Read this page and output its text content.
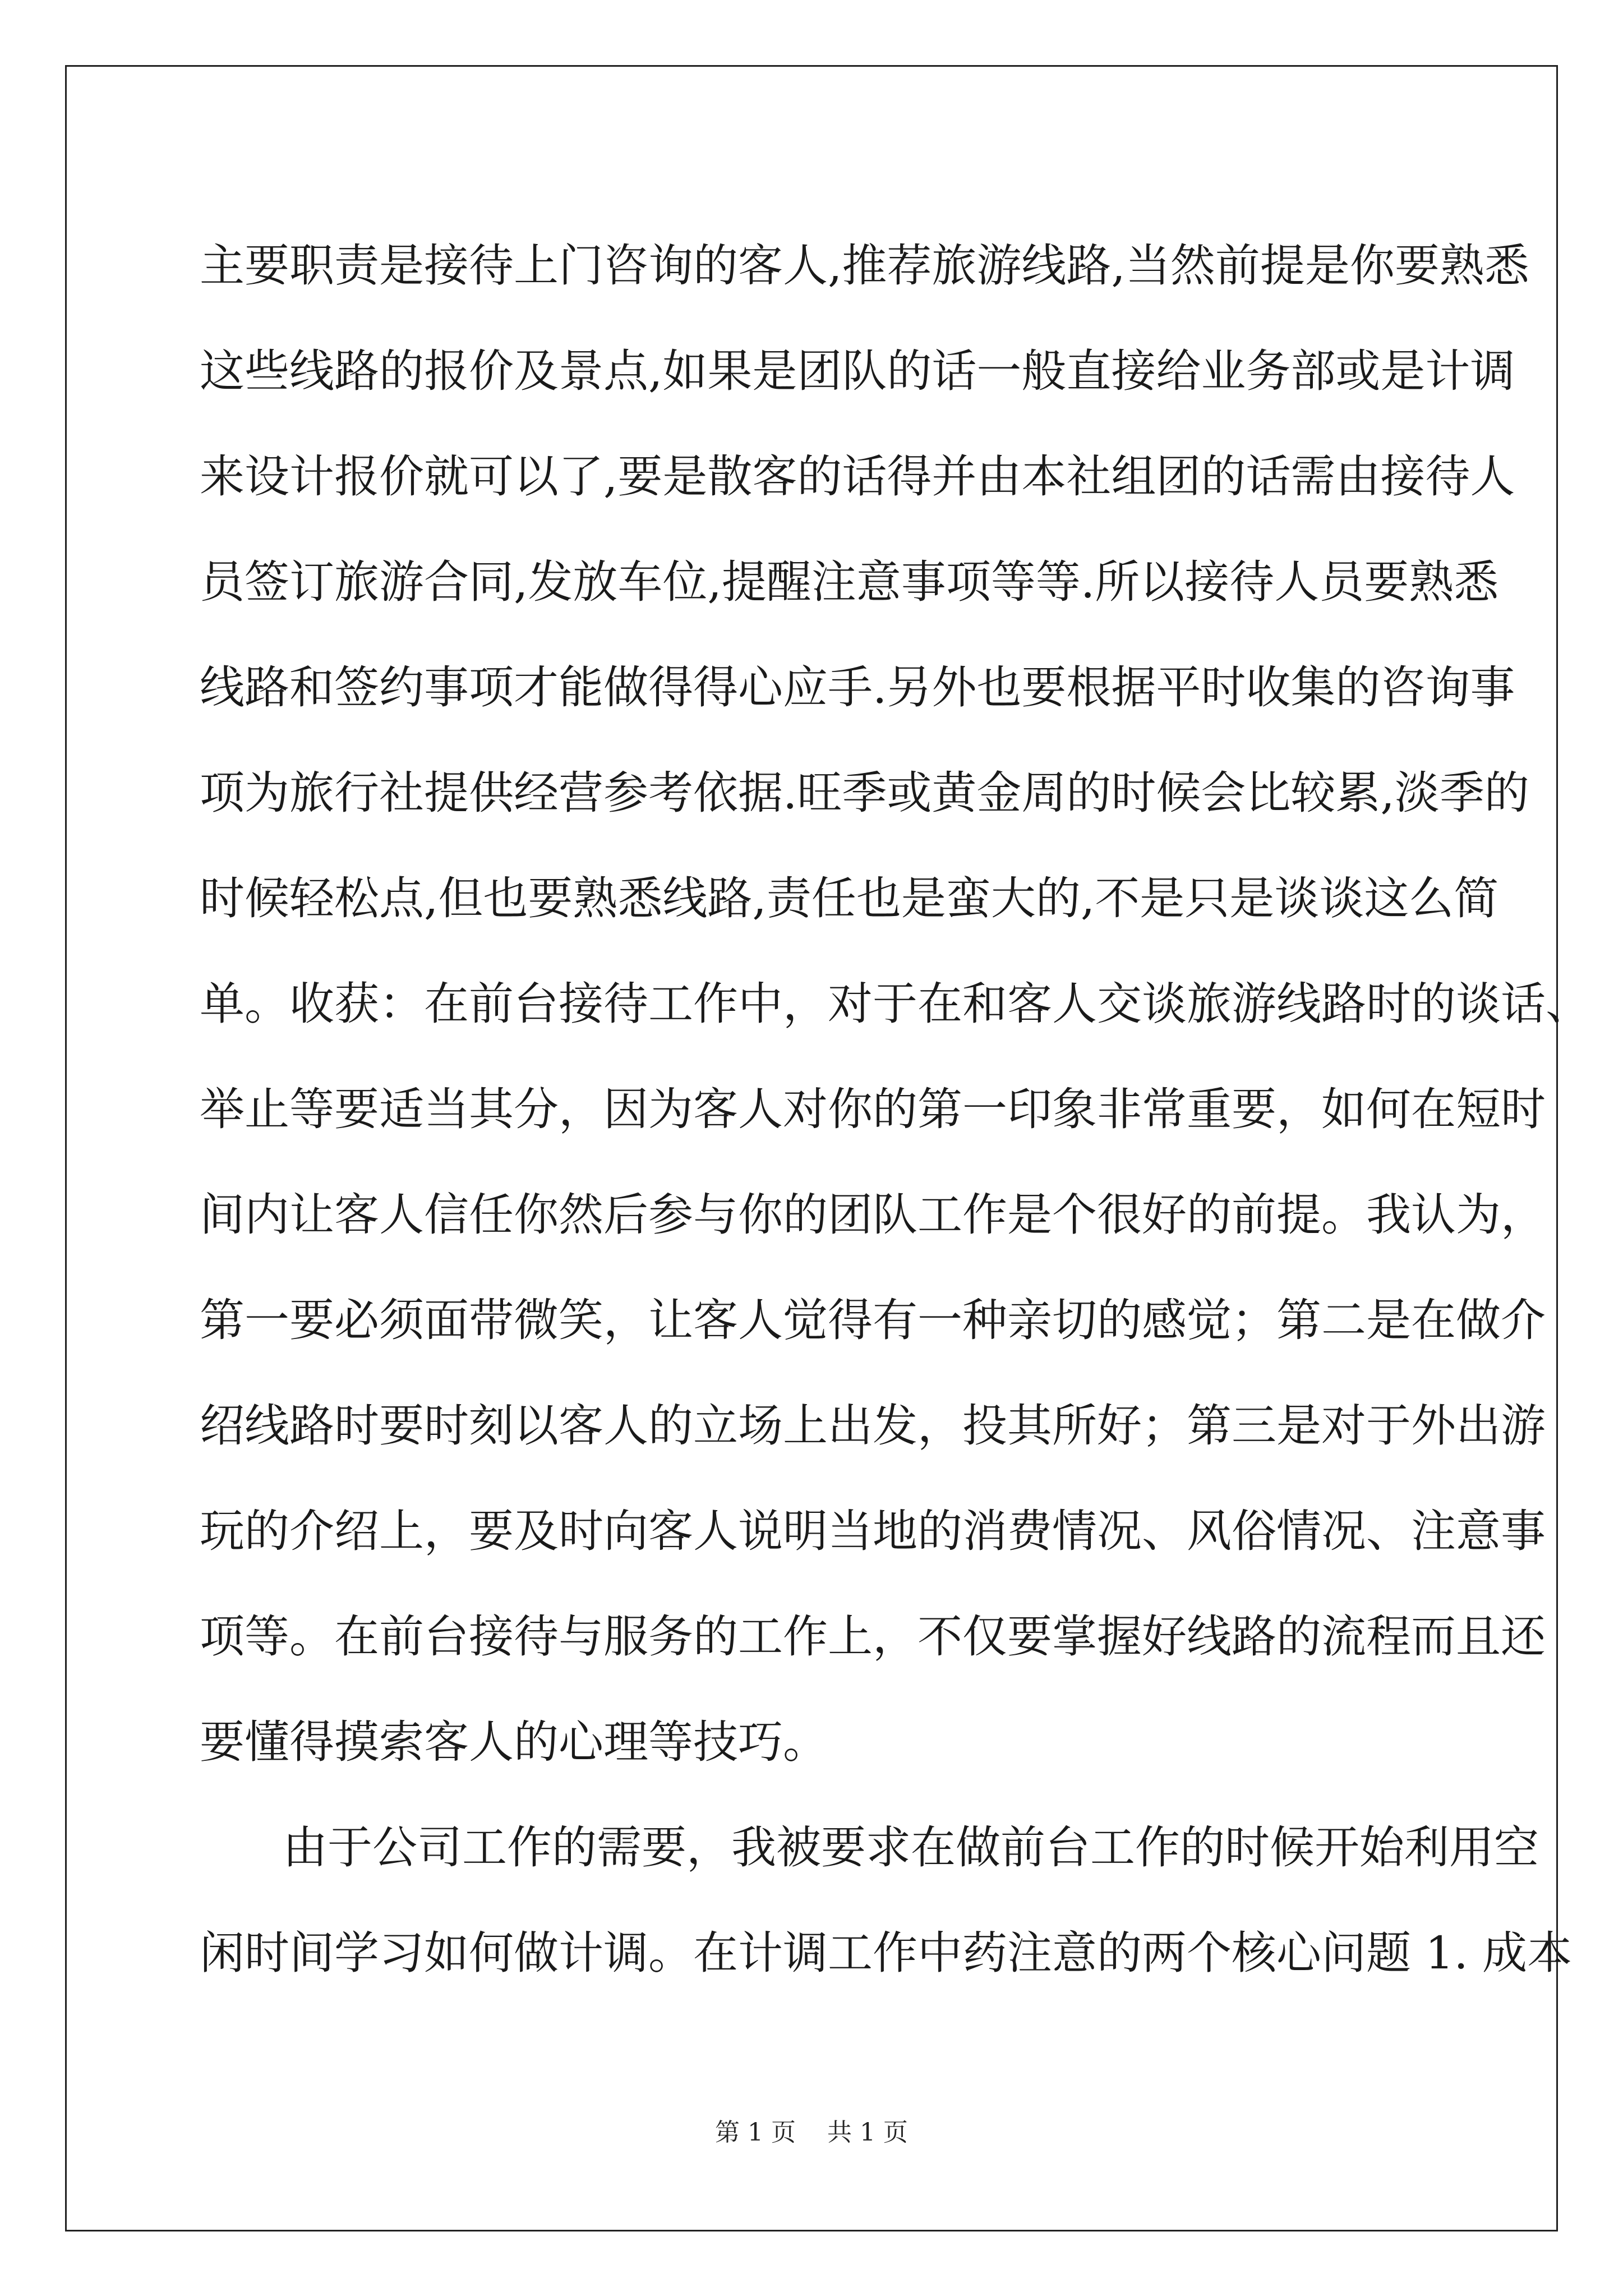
主要职责是接待上门咨询的客人,推荐旅游线路,当然前提是你要熟悉
这些线路的报价及景点,如果是团队的话一般直接给业务部或是计调
来设计报价就可以了,要是散客的话得并由本社组团的话需由接待人
员签订旅游合同,发放车位,提醒注意事项等等.所以接待人员要熟悉
线路和签约事项才能做得得心应手.另外也要根据平时收集的咨询事
项为旅行社提供经营参考依据.旺季或黄金周的时候会比较累,淡季的
时候轻松点,但也要熟悉线路,责任也是蛮大的,不是只是谈谈这么简
单。收获：在前台接待工作中，对于在和客人交谈旅游线路时的谈话、
举止等要适当其分，因为客人对你的第一印象非常重要，如何在短时
间内让客人信任你然后参与你的团队工作是个很好的前提。我认为，
第一要必须面带微笑，让客人觉得有一种亲切的感觉；第二是在做介
绍线路时要时刻以客人的立场上出发，投其所好；第三是对于外出游
玩的介绍上，要及时向客人说明当地的消费情况、风俗情况、注意事
项等。在前台接待与服务的工作上，不仅要掌握好线路的流程而且还
要懂得摸索客人的心理等技巧。
由于公司工作的需要，我被要求在做前台工作的时候开始利用空
闲时间学习如何做计调。在计调工作中药注意的两个核心问题 1. 成本
第 1 页    共 1 页
